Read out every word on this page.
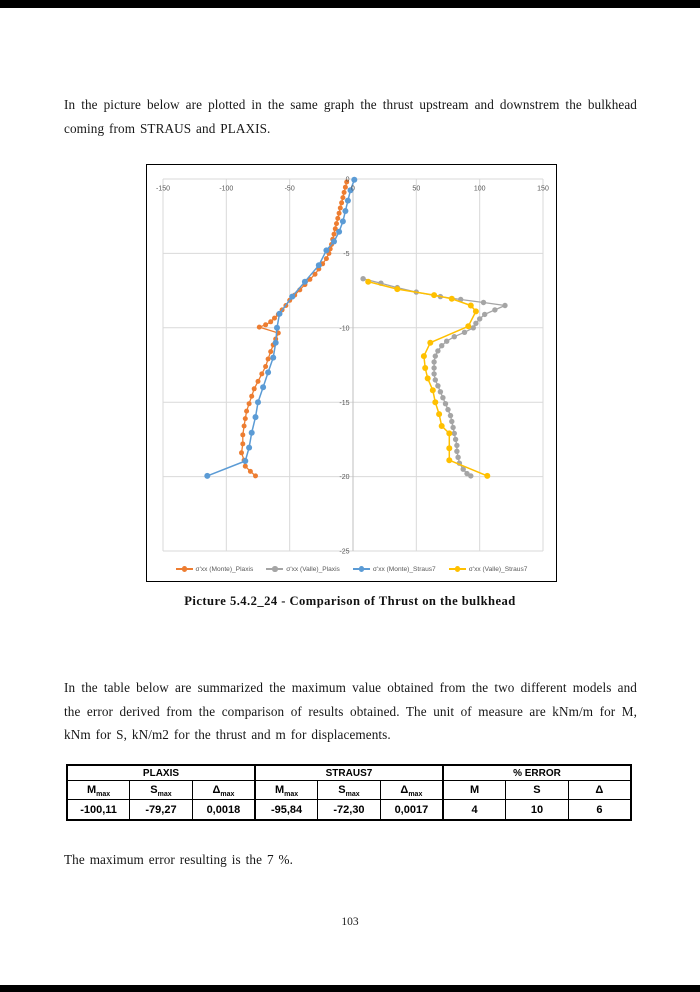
In the picture below are plotted in the same graph the thrust upstream and downstrem the bulkhead coming from STRAUS and PLAXIS.

-150	-100	-50	0	50	100	150
0
-5
-10
-15
-20
-25
σ'xx (Monte)_Plaxis	σ'xx (Valle)_Plaxis	σ'xx (Monte)_Straus7	σ'xx (Valle)_Straus7
Picture 5.4.2_24 - Comparison of Thrust on the bulkhead

In the table below are summarized the maximum value obtained from the two different models and the error derived from the comparison of results obtained. The unit of measure are kNm/m for M, kNm for S, kN/m2 for the thrust and m for displacements.

PLAXIS			STRAUS7			% ERROR		
$M_{max}$	$S_{max}$	$\Delta_{max}$	$M_{max}$	$S_{max}$	$\Delta_{max}$	M	S	Δ
-100,11	-79,27	0,0018	-95,84	-72,30	0,0017	4	10	6

The maximum error resulting is the 7 %.

103
